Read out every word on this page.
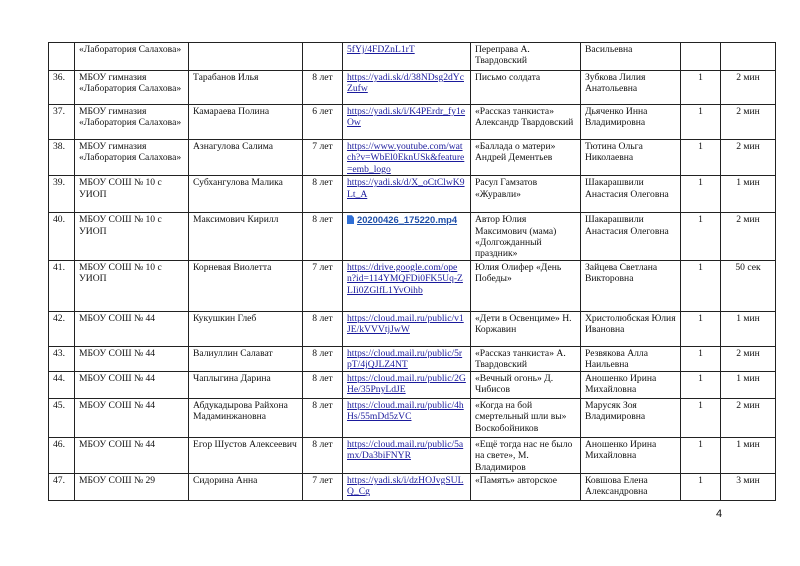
	«Лаборатория Салахова»			5fYj/4FDZnL1rT	Переправа А. Твардовский	Васильевна		
36.	МБОУ гимназия «Лаборатория Салахова»	Тарабанов Илья	8 лет	https://yadi.sk/d/38NDsg2dYcZufw	Письмо солдата	Зубкова Лилия Анатольевна	1	2 мин
37.	МБОУ гимназия «Лаборатория Салахова»	Камараева Полина	6 лет	https://yadi.sk/i/K4PErdr_fy1eOw	«Рассказ танкиста» Александр Твардовский	Дьяченко Инна Владимировна	1	2 мин
38.	МБОУ гимназия «Лаборатория Салахова»	Азнагулова Салима	7 лет	https://www.youtube.com/watch?v=WbEl0EknUSk&feature=emb_logo	«Баллада о матери» Андрей Дементьев	Тютина Ольга Николаевна	1	2 мин
39.	МБОУ СОШ № 10 с УИОП	Субхангулова Малика	8 лет	https://yadi.sk/d/X_oCtClwK9Lt_A	Расул Гамзатов «Журавли»	Шакарашвили Анастасия Олеговна	1	1 мин
40.	МБОУ СОШ № 10 с УИОП	Максимович Кирилл	8 лет	20200426_175220.mp4	Автор Юлия Максимович (мама) «Долгожданный праздник»	Шакарашвили Анастасия Олеговна	1	2 мин
41.	МБОУ СОШ № 10 с УИОП	Корневая Виолетта	7 лет	https://drive.google.com/open?id=114YMQFDi0FK5Uq-ZLIi0ZGlfL1YvOihb	Юлия Олифер «День Победы»	Зайцева Светлана Викторовна	1	50 сек
42.	МБОУ СОШ № 44	Кукушкин Глеб	8 лет	https://cloud.mail.ru/public/v1JE/kVVVtjJwW	«Дети в Освенциме» Н. Коржавин	Христолюбская Юлия Ивановна	1	1 мин
43.	МБОУ СОШ № 44	Валиуллин Салават	8 лет	https://cloud.mail.ru/public/5rpT/4jQJLZ4NT	«Рассказ танкиста» А. Твардовский	Резвякова Алла Наильевна	1	2 мин
44.	МБОУ СОШ № 44	Чаплыгина Дарина	8 лет	https://cloud.mail.ru/public/2GHe/35PnyLdJE	«Вечный огонь» Д. Чибисов	Аношенко Ирина Михайловна	1	1 мин
45.	МБОУ СОШ № 44	Абдукадырова Райхона Мадаминжановна	8 лет	https://cloud.mail.ru/public/4hHs/55mDd5zVC	«Когда на бой смертельный шли вы» Воскобойников	Марусяк Зоя Владимировна	1	2 мин
46.	МБОУ СОШ № 44	Егор Шустов Алексеевич	8 лет	https://cloud.mail.ru/public/5amx/Da3biFNYR	«Ещё тогда нас не было на свете», М. Владимиров	Аношенко Ирина Михайловна	1	1 мин
47.	МБОУ СОШ № 29	Сидорина Анна	7 лет	https://yadi.sk/i/dzHOJvgSULQ_Cg	«Память» авторское	Ковшова Елена Александровна	1	3 мин
4
